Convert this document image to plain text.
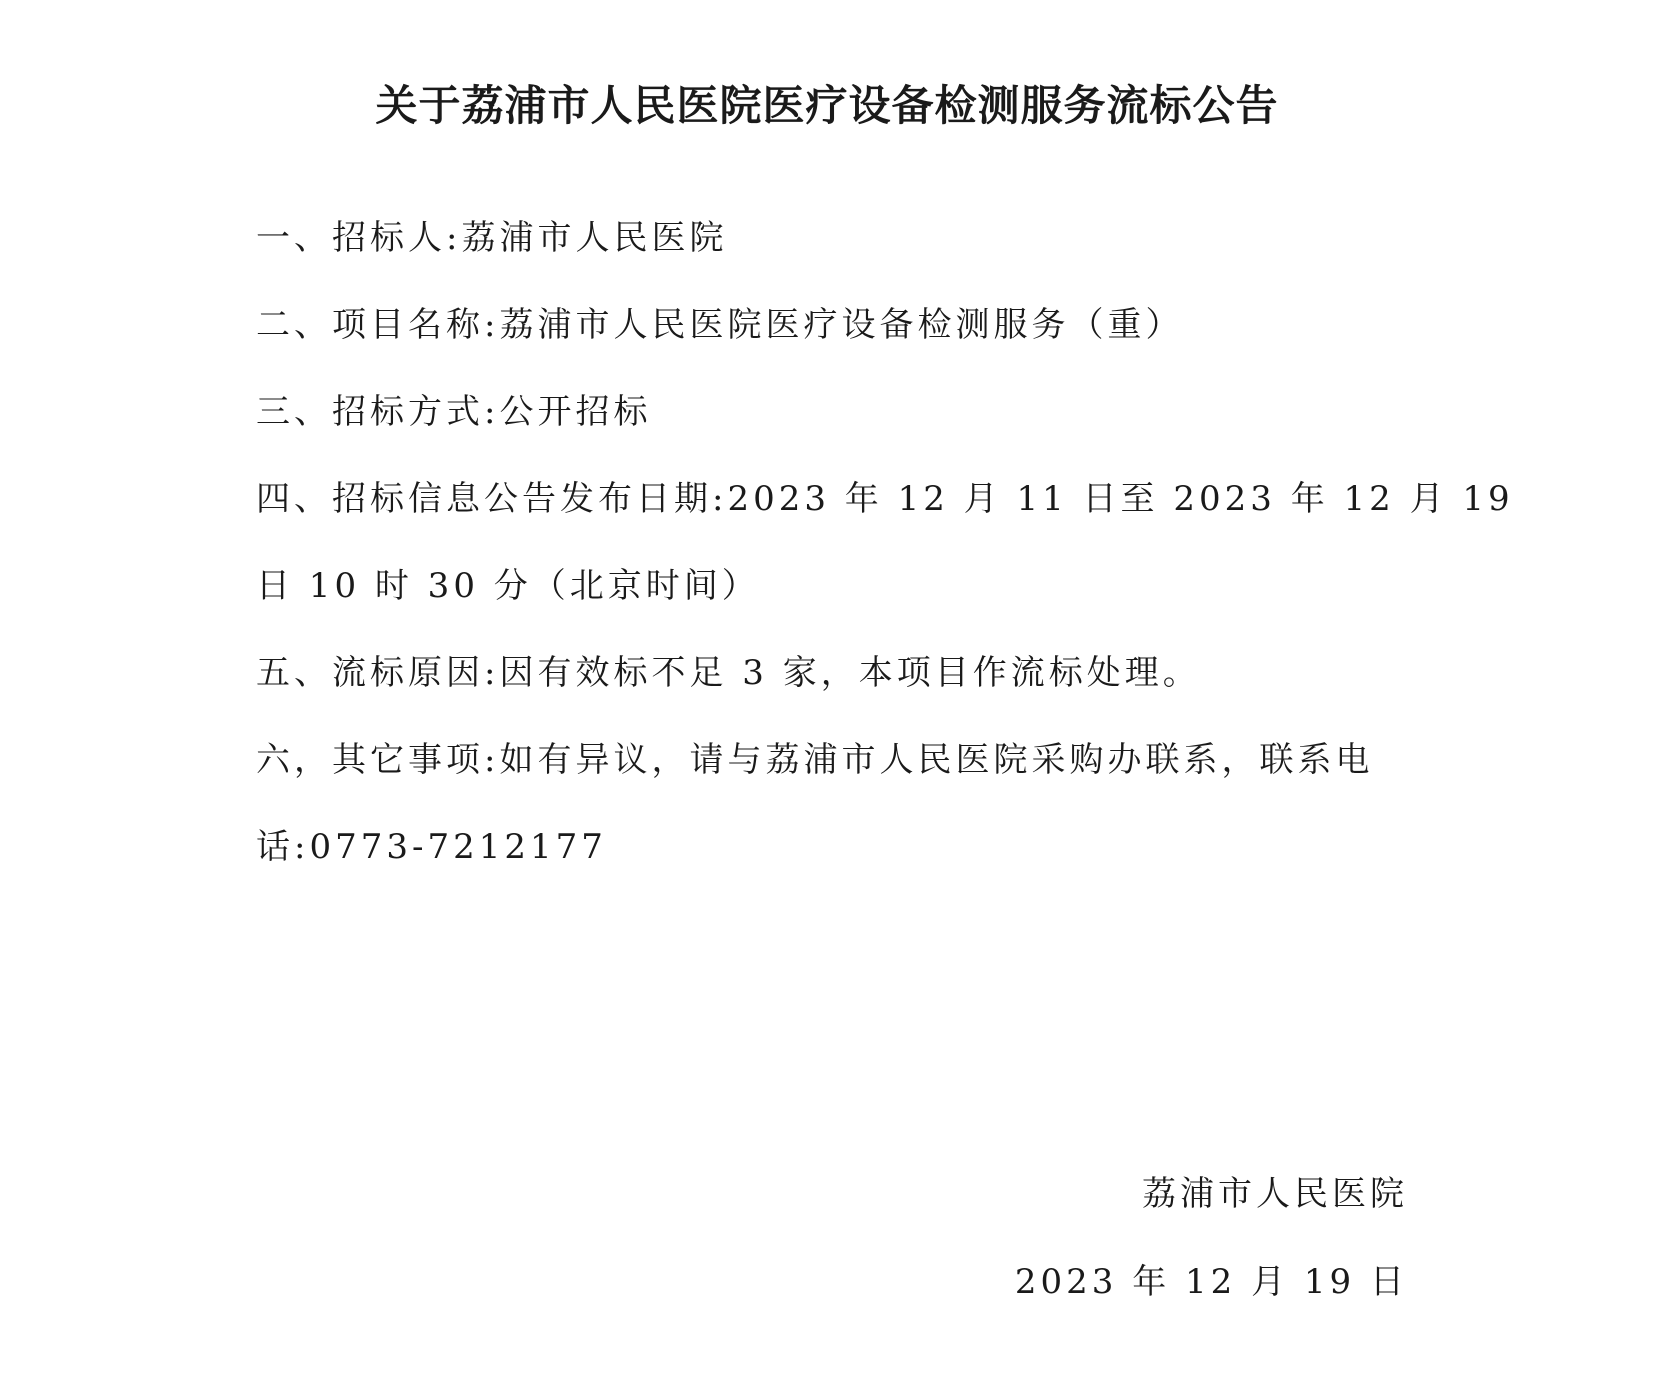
关于荔浦市人民医院医疗设备检测服务流标公告

一、招标人:荔浦市人民医院

二、项目名称:荔浦市人民医院医疗设备检测服务（重）

三、招标方式:公开招标

四、招标信息公告发布日期:2023 年 12 月 11 日至 2023 年 12 月 19

日 10 时 30 分（北京时间）

五、流标原因:因有效标不足 3 家，本项目作流标处理。

六，其它事项:如有异议，请与荔浦市人民医院采购办联系，联系电

话:0773-7212177

荔浦市人民医院

2023 年 12 月 19 日
